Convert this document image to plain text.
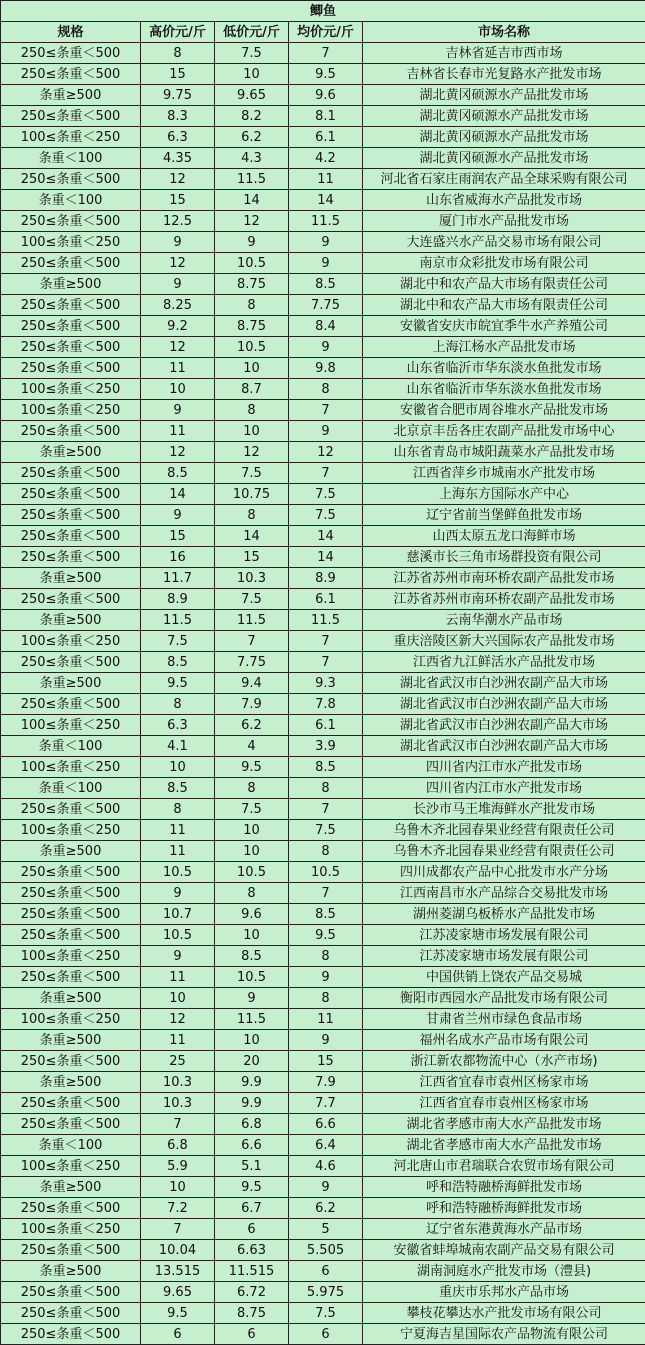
鲫鱼				
规格	高价元/斤	低价元/斤	均价元/斤	市场名称
250≤条重＜500	8	7.5	7	吉林省延吉市西市场
250≤条重＜500	15	10	9.5	吉林省长春市光复路水产批发市场
条重≥500	9.75	9.65	9.6	湖北黄冈硕源水产品批发市场
250≤条重＜500	8.3	8.2	8.1	湖北黄冈硕源水产品批发市场
100≤条重＜250	6.3	6.2	6.1	湖北黄冈硕源水产品批发市场
条重＜100	4.35	4.3	4.2	湖北黄冈硕源水产品批发市场
250≤条重＜500	12	11.5	11	河北省石家庄雨润农产品全球采购有限公司
条重＜100	15	14	14	山东省威海水产品批发市场
250≤条重＜500	12.5	12	11.5	厦门市水产品批发市场
100≤条重＜250	9	9	9	大连盛兴水产品交易市场有限公司
250≤条重＜500	12	10.5	9	南京市众彩批发市场有限公司
条重≥500	9	8.75	8.5	湖北中和农产品大市场有限责任公司
250≤条重＜500	8.25	8	7.75	湖北中和农产品大市场有限责任公司
250≤条重＜500	9.2	8.75	8.4	安徽省安庆市皖宜季牛水产养殖公司
250≤条重＜500	12	10.5	9	上海江杨水产品批发市场
250≤条重＜500	11	10	9.8	山东省临沂市华东淡水鱼批发市场
100≤条重＜250	10	8.7	8	山东省临沂市华东淡水鱼批发市场
100≤条重＜250	9	8	7	安徽省合肥市周谷堆水产品批发市场
250≤条重＜500	11	10	9	北京京丰岳各庄农副产品批发市场中心
条重≥500	12	12	12	山东省青岛市城阳蔬菜水产品批发市场
250≤条重＜500	8.5	7.5	7	江西省萍乡市城南水产批发市场
250≤条重＜500	14	10.75	7.5	上海东方国际水产中心
250≤条重＜500	9	8	7.5	辽宁省前当堡鲜鱼批发市场
250≤条重＜500	15	14	14	山西太原五龙口海鲜市场
250≤条重＜500	16	15	14	慈溪市长三角市场群投资有限公司
条重≥500	11.7	10.3	8.9	江苏省苏州市南环桥农副产品批发市场
250≤条重＜500	8.9	7.5	6.1	江苏省苏州市南环桥农副产品批发市场
条重≥500	11.5	11.5	11.5	云南华潮水产品市场
100≤条重＜250	7.5	7	7	重庆涪陵区新大兴国际农产品批发市场
250≤条重＜500	8.5	7.75	7	江西省九江鲜活水产品批发市场
条重≥500	9.5	9.4	9.3	湖北省武汉市白沙洲农副产品大市场
250≤条重＜500	8	7.9	7.8	湖北省武汉市白沙洲农副产品大市场
100≤条重＜250	6.3	6.2	6.1	湖北省武汉市白沙洲农副产品大市场
条重＜100	4.1	4	3.9	湖北省武汉市白沙洲农副产品大市场
100≤条重＜250	10	9.5	8.5	四川省内江市水产批发市场
条重＜100	8.5	8	8	四川省内江市水产批发市场
250≤条重＜500	8	7.5	7	长沙市马王堆海鲜水产批发市场
100≤条重＜250	11	10	7.5	乌鲁木齐北园春果业经营有限责任公司
条重≥500	11	10	8	乌鲁木齐北园春果业经营有限责任公司
250≤条重＜500	10.5	10.5	10.5	四川成都农产品中心批发市水产分场
250≤条重＜500	9	8	7	江西南昌市水产品综合交易批发市场
250≤条重＜500	10.7	9.6	8.5	湖州菱湖乌板桥水产品批发市场
250≤条重＜500	10.5	10	9.5	江苏凌家塘市场发展有限公司
100≤条重＜250	9	8.5	8	江苏凌家塘市场发展有限公司
250≤条重＜500	11	10.5	9	中国供销上饶农产品交易城
条重≥500	10	9	8	衡阳市西园水产品批发市场有限公司
100≤条重＜250	12	11.5	11	甘肃省兰州市绿色食品市场
条重≥500	11	10	9	福州名成水产品市场有限公司
250≤条重＜500	25	20	15	浙江新农都物流中心（水产市场)
条重≥500	10.3	9.9	7.9	江西省宜春市袁州区杨家市场
250≤条重＜500	10.3	9.9	7.7	江西省宜春市袁州区杨家市场
250≤条重＜500	7	6.8	6.6	湖北省孝感市南大水产品批发市场
条重＜100	6.8	6.6	6.4	湖北省孝感市南大水产品批发市场
100≤条重＜250	5.9	5.1	4.6	河北唐山市君瑞联合农贸市场有限公司
条重≥500	10	9.5	9	呼和浩特融桥海鲜批发市场
250≤条重＜500	7.2	6.7	6.2	呼和浩特融桥海鲜批发市场
100≤条重＜250	7	6	5	辽宁省东港黄海水产品市场
250≤条重＜500	10.04	6.63	5.505	安徽省蚌埠城南农副产品交易有限公司
条重≥500	13.515	11.515	6	湖南洞庭水产批发市场（澧县)
250≤条重＜500	9.65	6.72	5.975	重庆市乐邦水产品市场
250≤条重＜500	9.5	8.75	7.5	攀枝花攀达水产批发市场有限公司
250≤条重＜500	6	6	6	宁夏海吉星国际农产品物流有限公司
